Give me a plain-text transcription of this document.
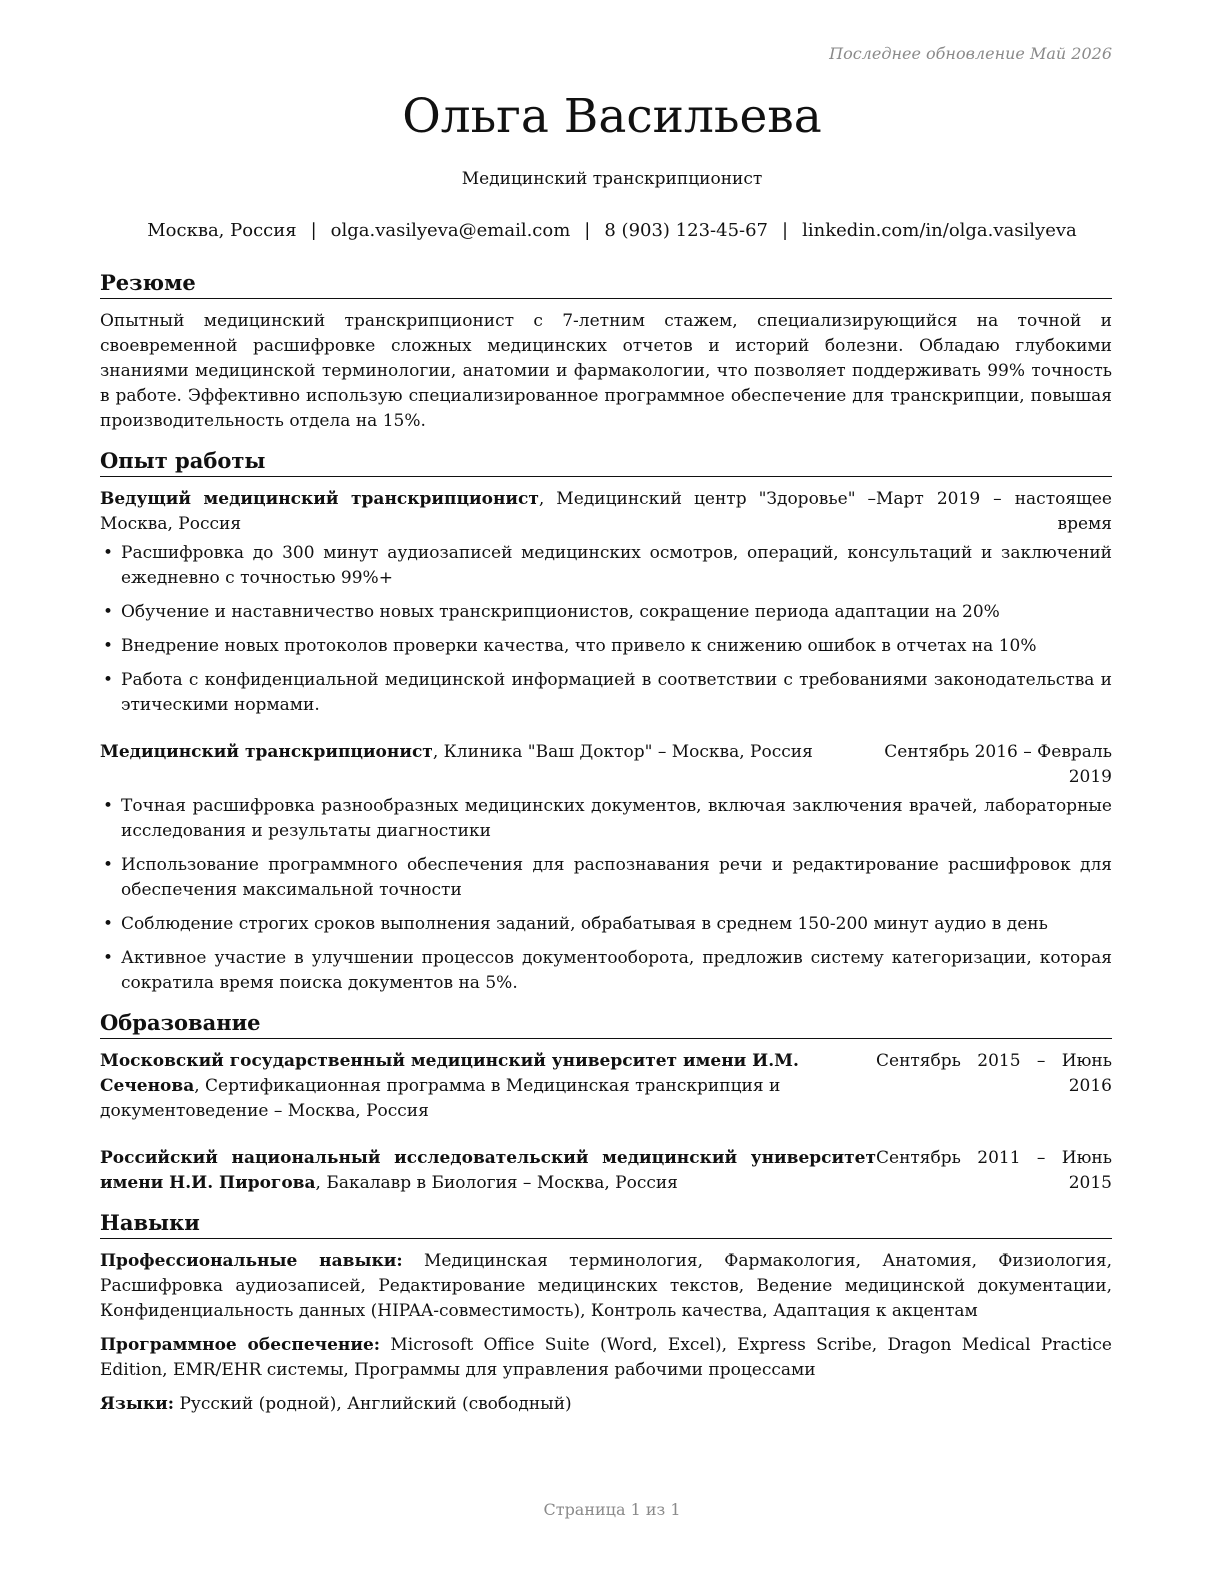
Последнее обновление Май 2026
Ольга Васильева
Медицинский транскрипционист
Москва, Россия | olga.vasilyeva@email.com | 8 (903) 123-45-67 | linkedin.com/in/olga.vasilyeva
Резюме

Опытный медицинский транскрипционист с 7-летним стажем, специализирующийся на точной и своевременной расшифровке сложных медицинских отчетов и историй болезни. Обладаю глубокими знаниями медицинской терминологии, анатомии и фармакологии, что позволяет поддерживать 99% точность в работе. Эффективно использую специализированное программное обеспечение для транскрипции, повышая производительность отдела на 15%.

Опыт работы
Ведущий медицинский транскрипционист, Медицинский центр "Здоровье" – Москва, Россия
Март 2019 – настоящее время
• Расшифровка до 300 минут аудиозаписей медицинских осмотров, операций, консультаций и заключений ежедневно с точностью 99%+
• Обучение и наставничество новых транскрипционистов, сокращение периода адаптации на 20%
• Внедрение новых протоколов проверки качества, что привело к снижению ошибок в отчетах на 10%
• Работа с конфиденциальной медицинской информацией в соответствии с требованиями законодательства и этическими нормами.
Медицинский транскрипционист, Клиника "Ваш Доктор" – Москва, Россия	Сентябрь 2016 – Февраль 2019
• Точная расшифровка разнообразных медицинских документов, включая заключения врачей, лабораторные исследования и результаты диагностики
• Использование программного обеспечения для распознавания речи и редактирование расшифровок для обеспечения максимальной точности
• Соблюдение строгих сроков выполнения заданий, обрабатывая в среднем 150-200 минут аудио в день
• Активное участие в улучшении процессов документооборота, предложив систему категоризации, которая сократила время поиска документов на 5%.
Образование
Московский государственный медицинский университет имени И.М. Сеченова, Сертификационная программа в Медицинская транскрипция и документоведение – Москва, Россия
Сентябрь 2015 – Июнь 2016
Российский национальный исследовательский медицинский университет имени Н.И. Пирогова, Бакалавр в Биология – Москва, Россия
Сентябрь 2011 – Июнь 2015
Навыки

Профессиональные навыки: Медицинская терминология, Фармакология, Анатомия, Физиология, Расшифровка аудиозаписей, Редактирование медицинских текстов, Ведение медицинской документации, Конфиденциальность данных (HIPAA-совместимость), Контроль качества, Адаптация к акцентам

Программное обеспечение: Microsoft Office Suite (Word, Excel), Express Scribe, Dragon Medical Practice Edition, EMR/EHR системы, Программы для управления рабочими процессами

Языки: Русский (родной), Английский (свободный)

Страница 1 из 1
